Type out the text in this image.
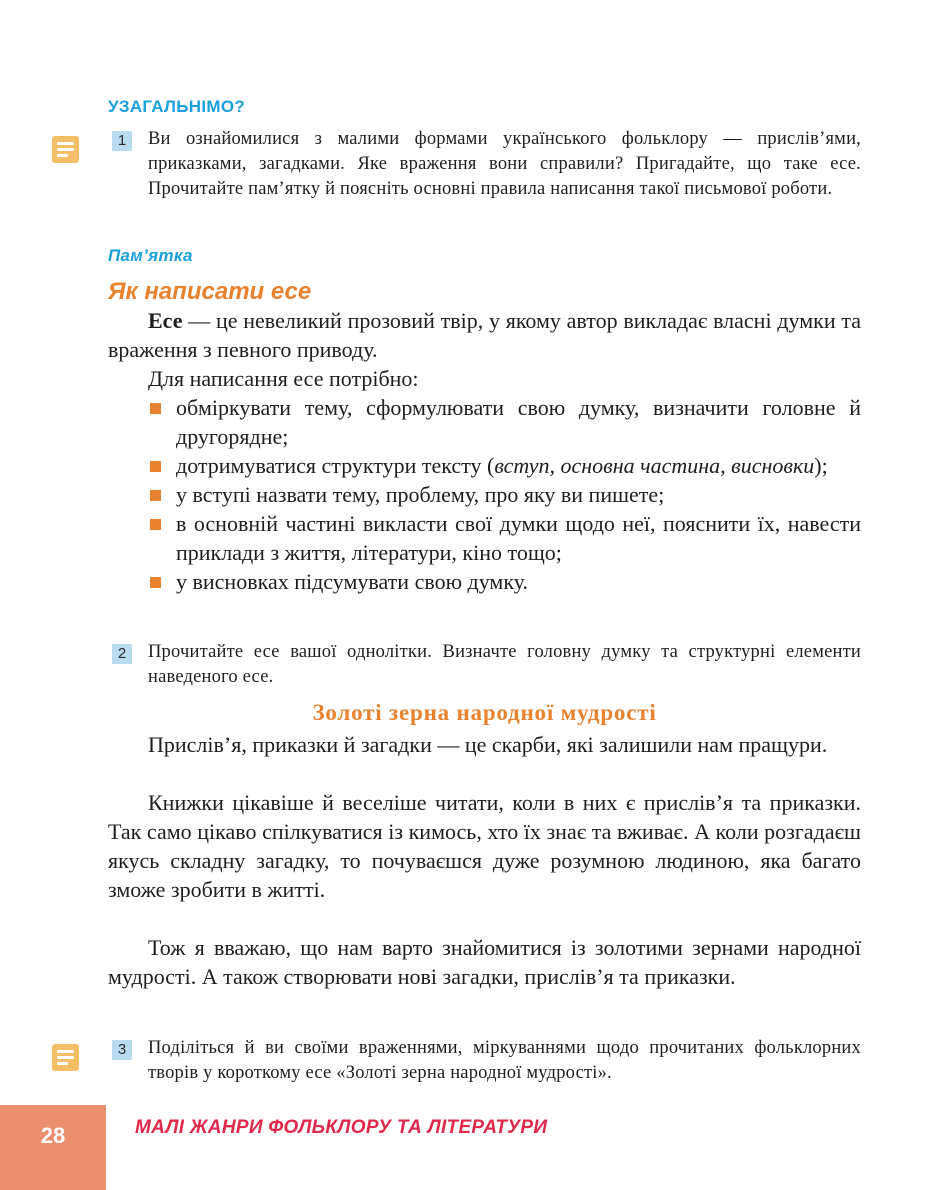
УЗАГАЛЬНІМО?
1	Ви ознайомилися з малими формами українського фольклору — прислів’ями, приказками, загадками. Яке враження вони справили? Пригадайте, що таке есе. Прочитайте пам’ятку й поясніть основні правила написання такої письмової роботи.
Пам’ятка
Як написати есе
Есе — це невеликий прозовий твір, у якому автор викладає власні думки та враження з певного приводу.
Для написання есе потрібно:
обміркувати тему, сформулювати свою думку, визначити головне й другорядне;
дотримуватися структури тексту (вступ, основна частина, висновки);
у вступі назвати тему, проблему, про яку ви пишете;
в основній частині викласти свої думки щодо неї, пояснити їх, навести приклади з життя, літератури, кіно тощо;
у висновках підсумувати свою думку.
2	Прочитайте есе вашої однолітки. Визначте головну думку та структурні елементи наведеного есе.
Золоті зерна народної мудрості
Прислів’я, приказки й загадки — це скарби, які залишили нам пращури.
Книжки цікавіше й веселіше читати, коли в них є прислів’я та приказки. Так само цікаво спілкуватися із кимось, хто їх знає та вживає. А коли розгадаєш якусь складну загадку, то почуваєшся дуже розумною людиною, яка багато зможе зробити в житті.
Тож я вважаю, що нам варто знайомитися із золотими зернами народної мудрості. А також створювати нові загадки, прислів’я та приказки.
3	Поділіться й ви своїми враженнями, міркуваннями щодо прочитаних фольклорних творів у короткому есе «Золоті зерна народної мудрості».
28	МАЛІ ЖАНРИ ФОЛЬКЛОРУ ТА ЛІТЕРАТУРИ
